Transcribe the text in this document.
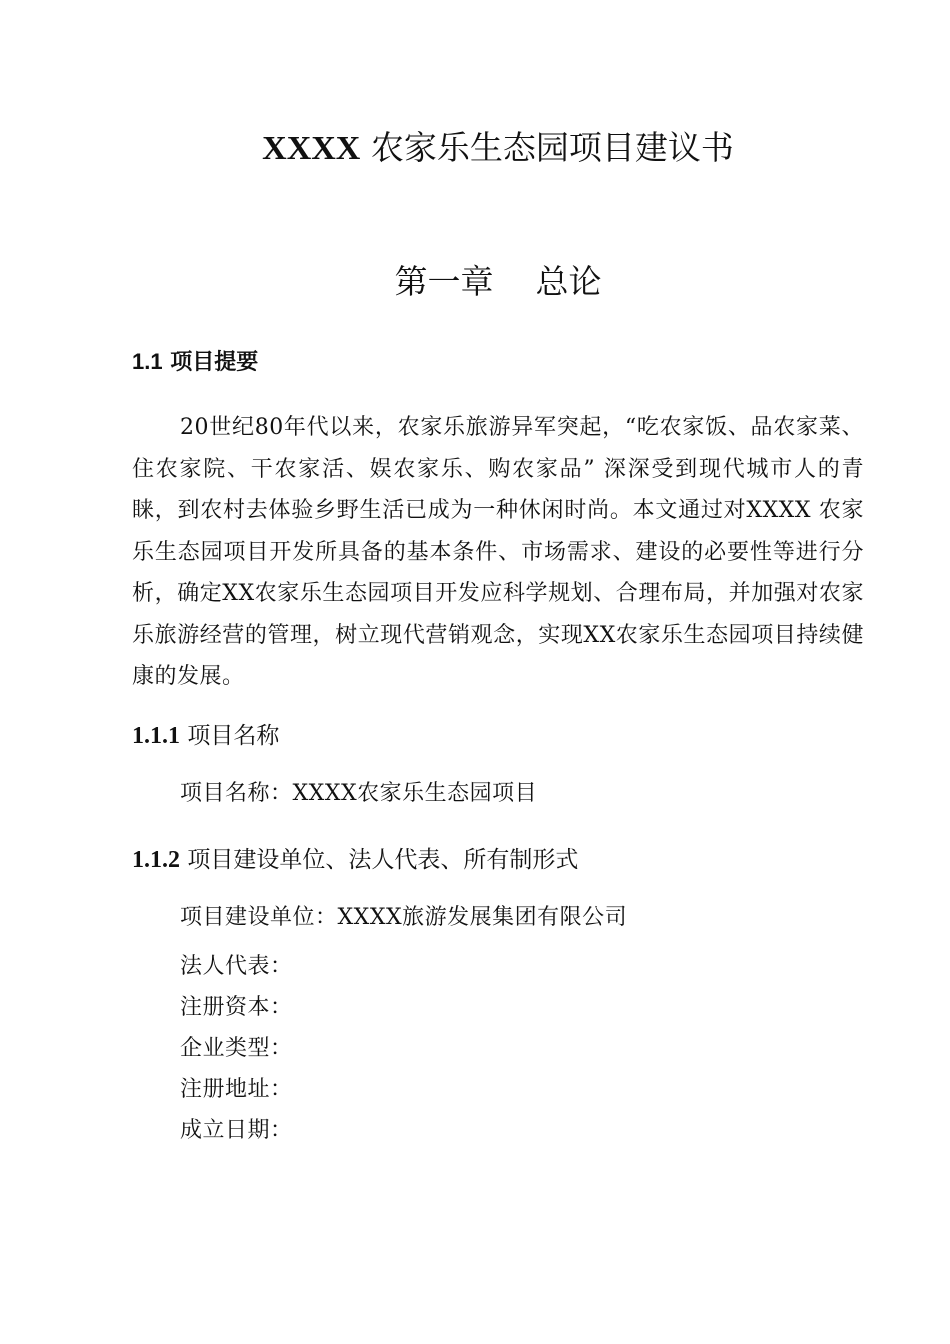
XXXX 农家乐生态园项目建议书
第一章    总论
1.1 项目提要

20世纪80年代以来，农家乐旅游异军突起，“吃农家饭、品农家菜、住农家院、干农家活、娱农家乐、购农家品” 深深受到现代城市人的青睐，到农村去体验乡野生活已成为一种休闲时尚。本文通过对XXXX 农家乐生态园项目开发所具备的基本条件、市场需求、建设的必要性等进行分析，确定XX农家乐生态园项目开发应科学规划、合理布局，并加强对农家乐旅游经营的管理，树立现代营销观念，实现XX农家乐生态园项目持续健康的发展。

1.1.1 项目名称

项目名称：XXXX农家乐生态园项目

1.1.2 项目建设单位、法人代表、所有制形式

项目建设单位：XXXX旅游发展集团有限公司

法人代表：

注册资本：

企业类型：

注册地址：

成立日期：
